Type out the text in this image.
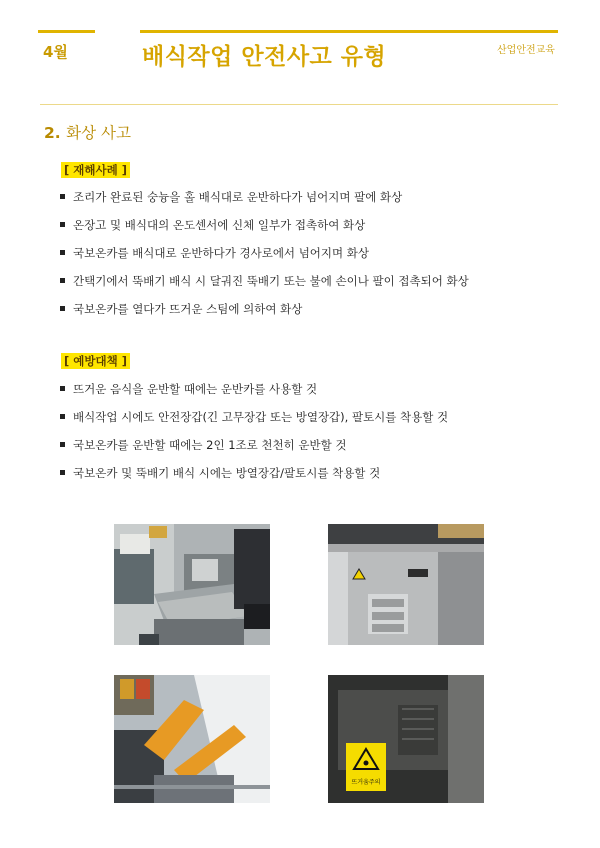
4월	배식작업 안전사고 유형	산업안전교육
2. 화상 사고
[ 재해사례 ]
조리가 완료된 숭늉을 홀 배식대로 운반하다가 넘어지며 팔에 화상
온장고 및 배식대의 온도센서에 신체 일부가 접촉하여 화상
국보온카를 배식대로 운반하다가 경사로에서 넘어지며 화상
간택기에서 뚝배기 배식 시 달궈진 뚝배기 또는 불에 손이나 팔이 접촉되어 화상
국보온카를 열다가 뜨거운 스팀에 의하여 화상
[ 예방대책 ]
뜨거운 음식을 운반할 때에는 운반카를 사용할 것
배식작업 시에도 안전장갑(긴 고무장갑 또는 방열장갑), 팔토시를 착용할 것
국보온카를 운반할 때에는 2인 1조로 천천히 운반할 것
국보온카 및 뚝배기 배식 시에는 방열장갑/팔토시를 착용할 것
뜨거움주의
